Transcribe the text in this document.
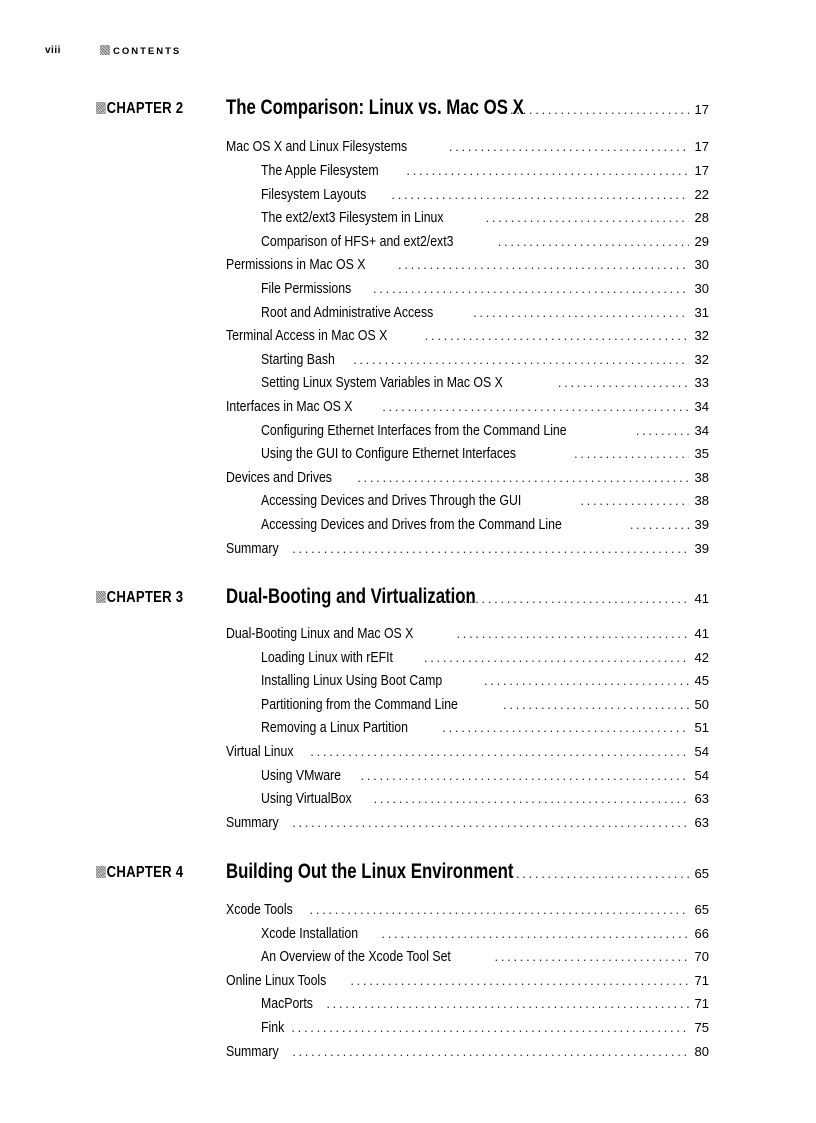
viii	CONTENTS
CHAPTER 2 The Comparison: Linux vs. Mac OS X .....	17
Mac OS X and Linux Filesystems .....	17
The Apple Filesystem .....	17
Filesystem Layouts .....	22
The ext2/ext3 Filesystem in Linux .....	28
Comparison of HFS+ and ext2/ext3 .....	29
Permissions in Mac OS X .....	30
File Permissions .....	30
Root and Administrative Access .....	31
Terminal Access in Mac OS X .....	32
Starting Bash .....	32
Setting Linux System Variables in Mac OS X .....	33
Interfaces in Mac OS X .....	34
Configuring Ethernet Interfaces from the Command Line .....	34
Using the GUI to Configure Ethernet Interfaces .....	35
Devices and Drives .....	38
Accessing Devices and Drives Through the GUI .....	38
Accessing Devices and Drives from the Command Line .....	39
Summary .....	39
CHAPTER 3 Dual-Booting and Virtualization .....	41
Dual-Booting Linux and Mac OS X .....	41
Loading Linux with rEFIt .....	42
Installing Linux Using Boot Camp .....	45
Partitioning from the Command Line .....	50
Removing a Linux Partition .....	51
Virtual Linux .....	54
Using VMware .....	54
Using VirtualBox .....	63
Summary .....	63
CHAPTER 4 Building Out the Linux Environment .....	65
Xcode Tools .....	65
Xcode Installation .....	66
An Overview of the Xcode Tool Set .....	70
Online Linux Tools .....	71
MacPorts .....	71
Fink .....	75
Summary .....	80
